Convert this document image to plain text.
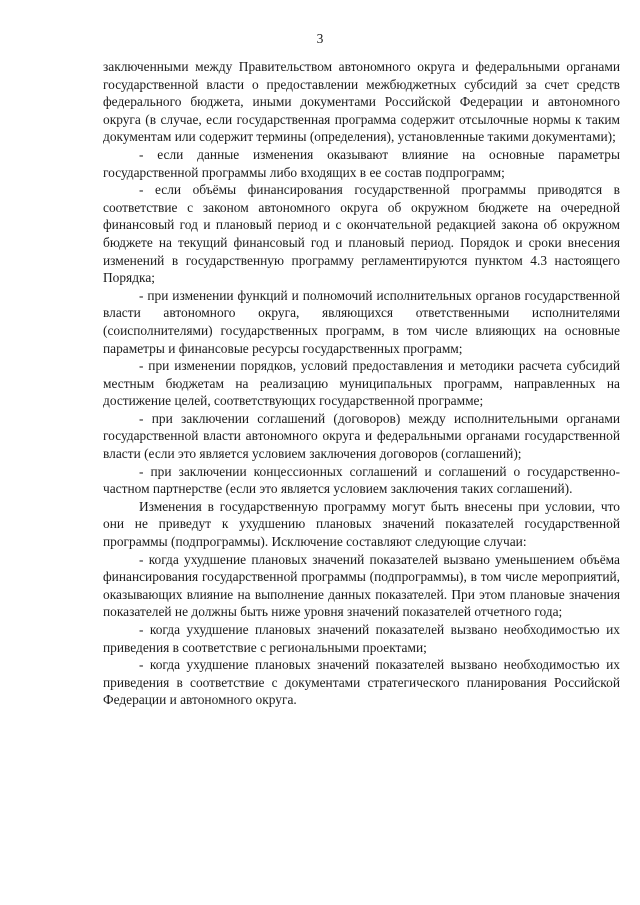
3

заключенными между Правительством автономного округа и федеральными органами государственной власти о предоставлении межбюджетных субсидий за счет средств федерального бюджета, иными документами Российской Федерации и автономного округа (в случае, если государственная программа содержит отсылочные нормы к таким документам или содержит термины (определения), установленные такими документами);

- если данные изменения оказывают влияние на основные параметры государственной программы либо входящих в ее состав подпрограмм;

- если объёмы финансирования государственной программы приводятся в соответствие с законом автономного округа об окружном бюджете на очередной финансовый год и плановый период и с окончательной редакцией закона об окружном бюджете на текущий финансовый год и плановый период. Порядок и сроки внесения изменений в государственную программу регламентируются пунктом 4.3 настоящего Порядка;

- при изменении функций и полномочий исполнительных органов государственной власти автономного округа, являющихся ответственными исполнителями (соисполнителями) государственных программ, в том числе влияющих на основные параметры и финансовые ресурсы государственных программ;

- при изменении порядков, условий предоставления и методики расчета субсидий местным бюджетам на реализацию муниципальных программ, направленных на достижение целей, соответствующих государственной программе;

- при заключении соглашений (договоров) между исполнительными органами государственной власти автономного округа и федеральными органами государственной власти (если это является условием заключения договоров (соглашений);

- при заключении концессионных соглашений и соглашений о государственно-частном партнерстве (если это является условием заключения таких соглашений).

Изменения в государственную программу могут быть внесены при условии, что они не приведут к ухудшению плановых значений показателей государственной программы (подпрограммы). Исключение составляют следующие случаи:

- когда ухудшение плановых значений показателей вызвано уменьшением объёма финансирования государственной программы (подпрограммы), в том числе мероприятий, оказывающих влияние на выполнение данных показателей. При этом плановые значения показателей не должны быть ниже уровня значений показателей отчетного года;

- когда ухудшение плановых значений показателей вызвано необходимостью их приведения в соответствие с региональными проектами;

- когда ухудшение плановых значений показателей вызвано необходимостью их приведения в соответствие с документами стратегического планирования Российской Федерации и автономного округа.
